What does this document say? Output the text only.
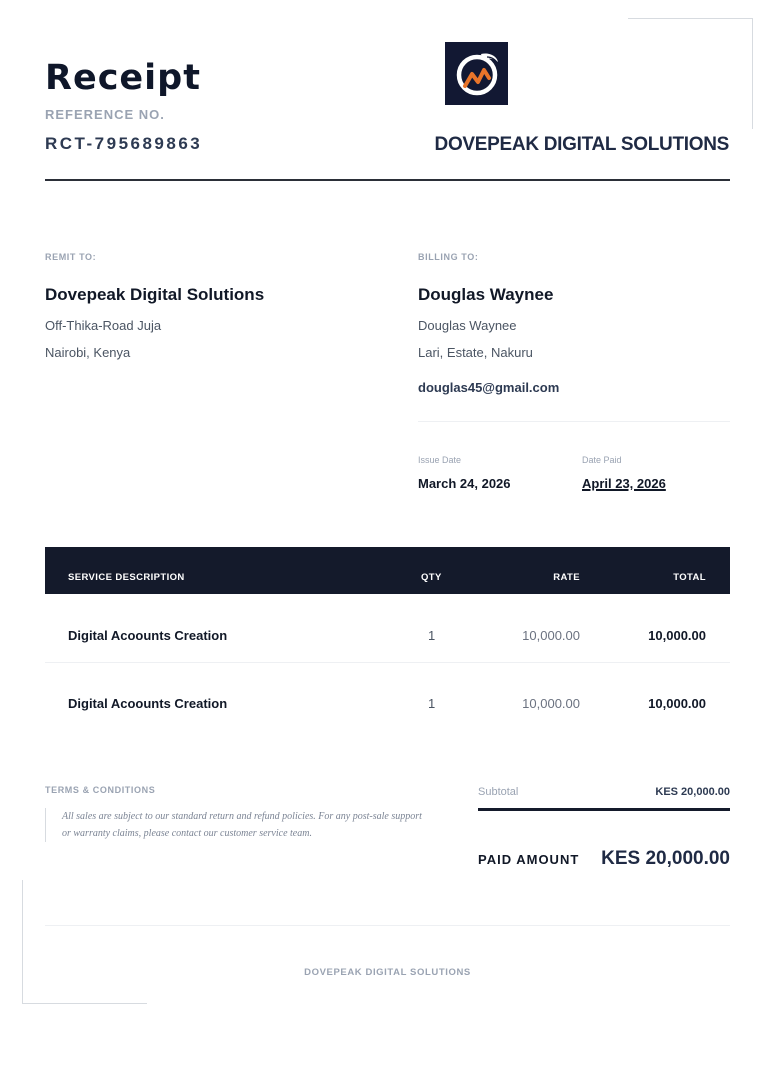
Receipt
REFERENCE NO.
RCT-795689863	DOVEPEAK DIGITAL SOLUTIONS
REMIT TO:
Dovepeak Digital Solutions
Off-Thika-Road Juja
Nairobi, Kenya
BILLING TO:
Douglas Waynee
Douglas Waynee
Lari, Estate, Nakuru
douglas45@gmail.com
Issue Date
March 24, 2026
Date Paid
April 23, 2026
SERVICE DESCRIPTION	QTY	RATE	TOTAL
Digital Acoounts Creation	1	10,000.00	10,000.00
Digital Acoounts Creation	1	10,000.00	10,000.00
TERMS & CONDITIONS
All sales are subject to our standard return and refund policies. For any post-sale support or warranty claims, please contact our customer service team.
Subtotal	KES 20,000.00
PAID AMOUNT KES 20,000.00
DOVEPEAK DIGITAL SOLUTIONS
